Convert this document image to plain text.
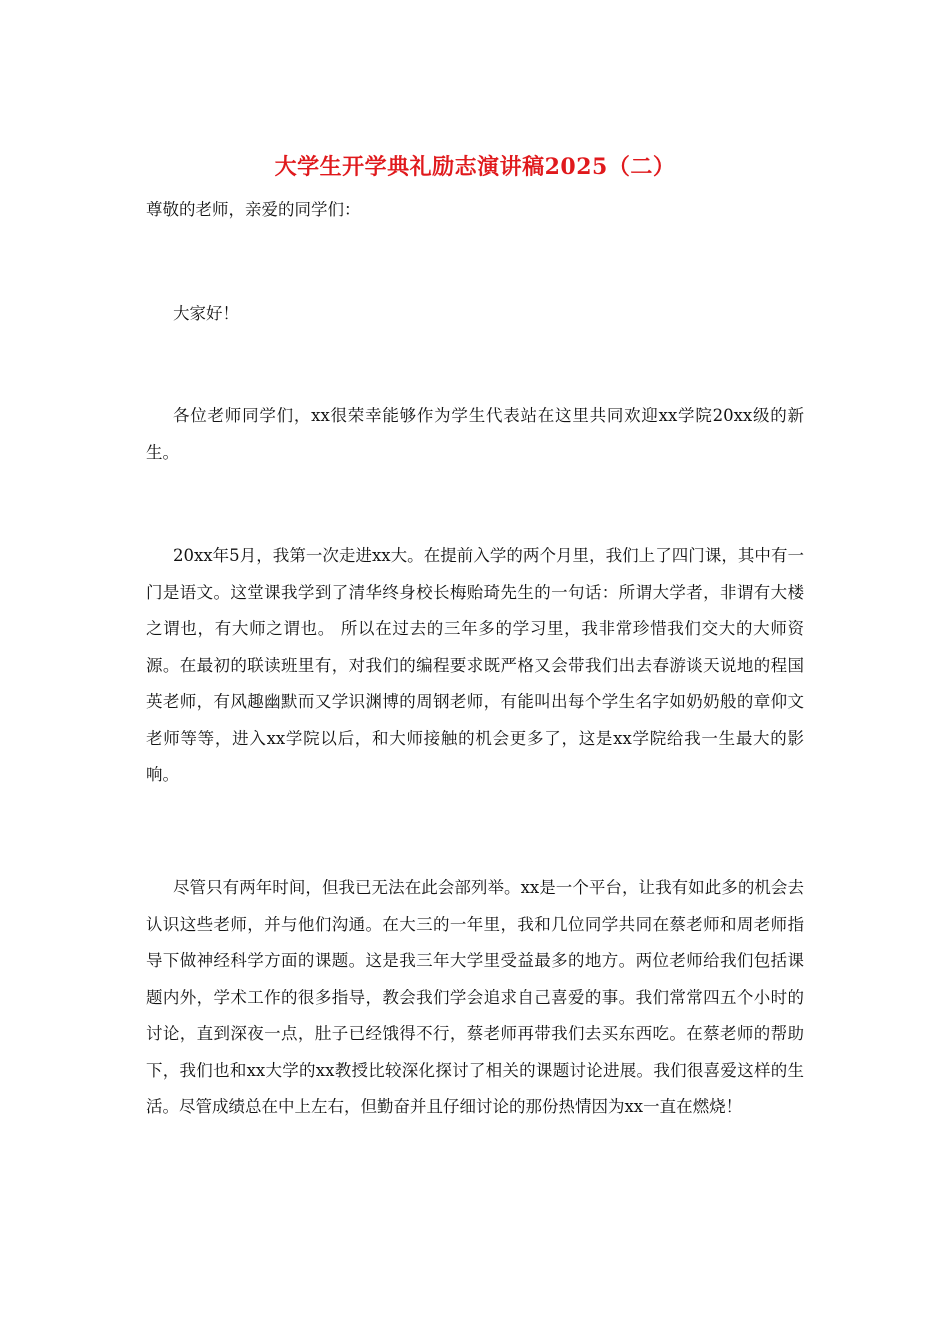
大学生开学典礼励志演讲稿2025（二）
尊敬的老师，亲爱的同学们：

大家好！

各位老师同学们，xx很荣幸能够作为学生代表站在这里共同欢迎xx学院20xx级的新生。

20xx年5月，我第一次走进xx大。在提前入学的两个月里，我们上了四门课，其中有一门是语文。这堂课我学到了清华终身校长梅贻琦先生的一句话：所谓大学者，非谓有大楼之谓也，有大师之谓也。 所以在过去的三年多的学习里，我非常珍惜我们交大的大师资源。在最初的联读班里有，对我们的编程要求既严格又会带我们出去春游谈天说地的程国英老师，有风趣幽默而又学识渊博的周钢老师，有能叫出每个学生名字如奶奶般的章仰文老师等等，进入xx学院以后，和大师接触的机会更多了，这是xx学院给我一生最大的影响。

尽管只有两年时间，但我已无法在此会部列举。xx是一个平台，让我有如此多的机会去认识这些老师，并与他们沟通。在大三的一年里，我和几位同学共同在蔡老师和周老师指导下做神经科学方面的课题。这是我三年大学里受益最多的地方。两位老师给我们包括课题内外，学术工作的很多指导，教会我们学会追求自己喜爱的事。我们常常四五个小时的讨论，直到深夜一点，肚子已经饿得不行，蔡老师再带我们去买东西吃。在蔡老师的帮助下，我们也和xx大学的xx教授比较深化探讨了相关的课题讨论进展。我们很喜爱这样的生活。尽管成绩总在中上左右，但勤奋并且仔细讨论的那份热情因为xx一直在燃烧！
